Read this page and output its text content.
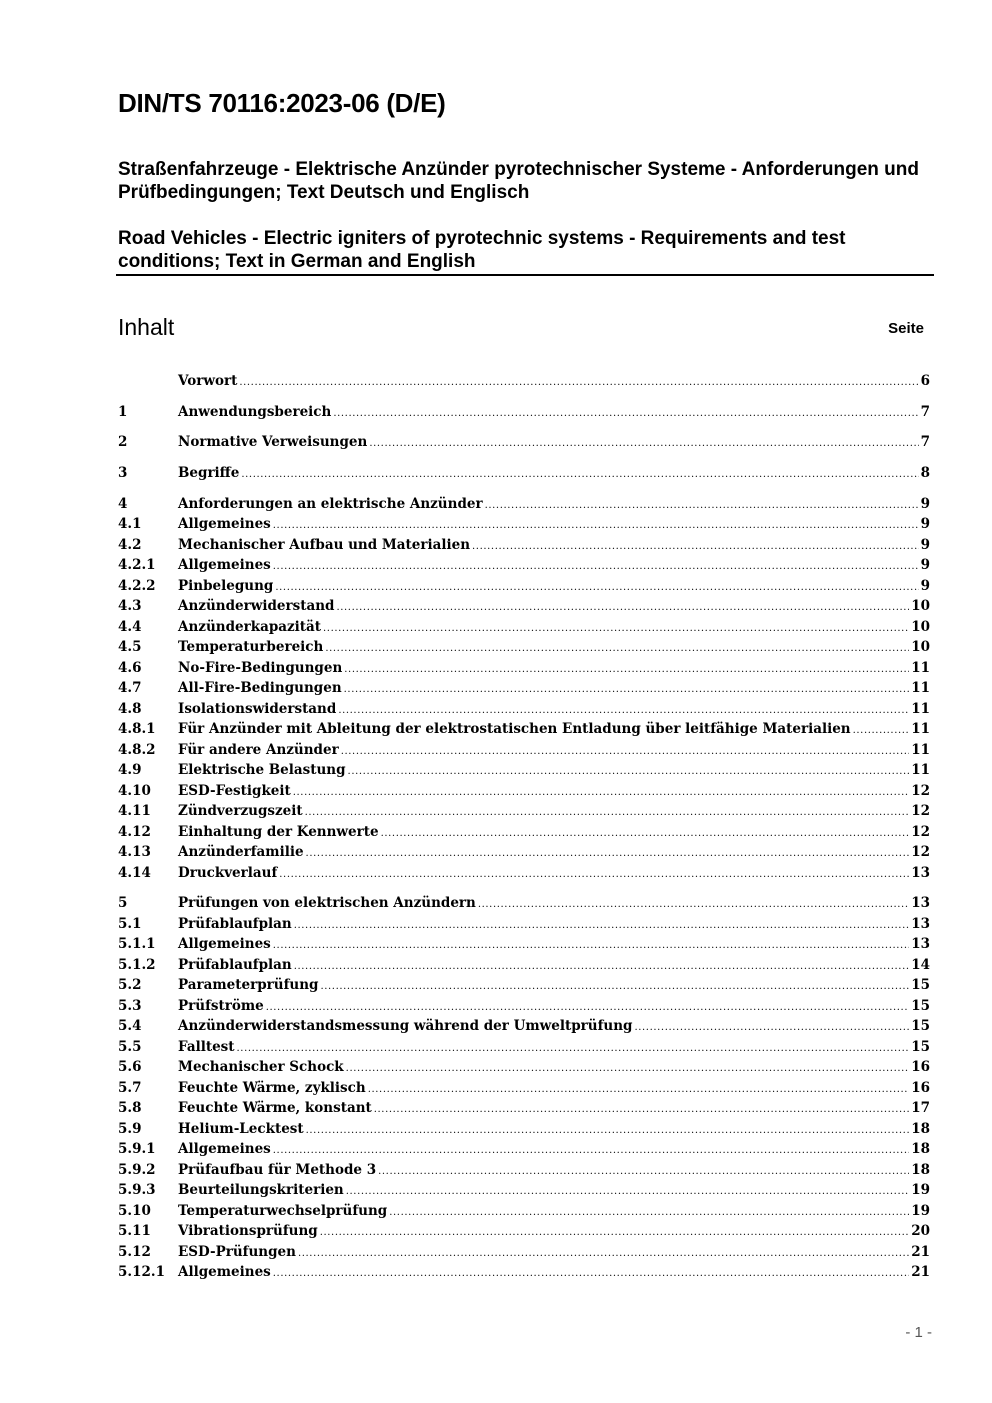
DIN/TS 70116:2023-06 (D/E)
Straßenfahrzeuge - Elektrische Anzünder pyrotechnischer Systeme - Anforderungen und Prüfbedingungen; Text Deutsch und Englisch
Road Vehicles - Electric igniters of pyrotechnic systems - Requirements and test conditions; Text in German and English
Inhalt	Seite
Vorwort .....	6
1	Anwendungsbereich .....	7
2	Normative Verweisungen .....	7
3	Begriffe .....	8
4	Anforderungen an elektrische Anzünder .....	9
4.1	Allgemeines .....	9
4.2	Mechanischer Aufbau und Materialien .....	9
4.2.1	Allgemeines .....	9
4.2.2	Pinbelegung .....	9
4.3	Anzünderwiderstand .....	10
4.4	Anzünderkapazität .....	10
4.5	Temperaturbereich .....	10
4.6	No-Fire-Bedingungen .....	11
4.7	All-Fire-Bedingungen .....	11
4.8	Isolationswiderstand .....	11
4.8.1	Für Anzünder mit Ableitung der elektrostatischen Entladung über leitfähige Materialien .....	11
4.8.2	Für andere Anzünder .....	11
4.9	Elektrische Belastung .....	11
4.10	ESD-Festigkeit .....	12
4.11	Zündverzugszeit .....	12
4.12	Einhaltung der Kennwerte .....	12
4.13	Anzünderfamilie .....	12
4.14	Druckverlauf .....	13
5	Prüfungen von elektrischen Anzündern .....	13
5.1	Prüfablaufplan .....	13
5.1.1	Allgemeines .....	13
5.1.2	Prüfablaufplan .....	14
5.2	Parameterprüfung .....	15
5.3	Prüfströme .....	15
5.4	Anzünderwiderstandsmessung während der Umweltprüfung .....	15
5.5	Falltest .....	15
5.6	Mechanischer Schock .....	16
5.7	Feuchte Wärme, zyklisch .....	16
5.8	Feuchte Wärme, konstant .....	17
5.9	Helium-Lecktest .....	18
5.9.1	Allgemeines .....	18
5.9.2	Prüfaufbau für Methode 3 .....	18
5.9.3	Beurteilungskriterien .....	19
5.10	Temperaturwechselprüfung .....	19
5.11	Vibrationsprüfung .....	20
5.12	ESD-Prüfungen .....	21
5.12.1 Allgemeines .....	21
- 1 -
